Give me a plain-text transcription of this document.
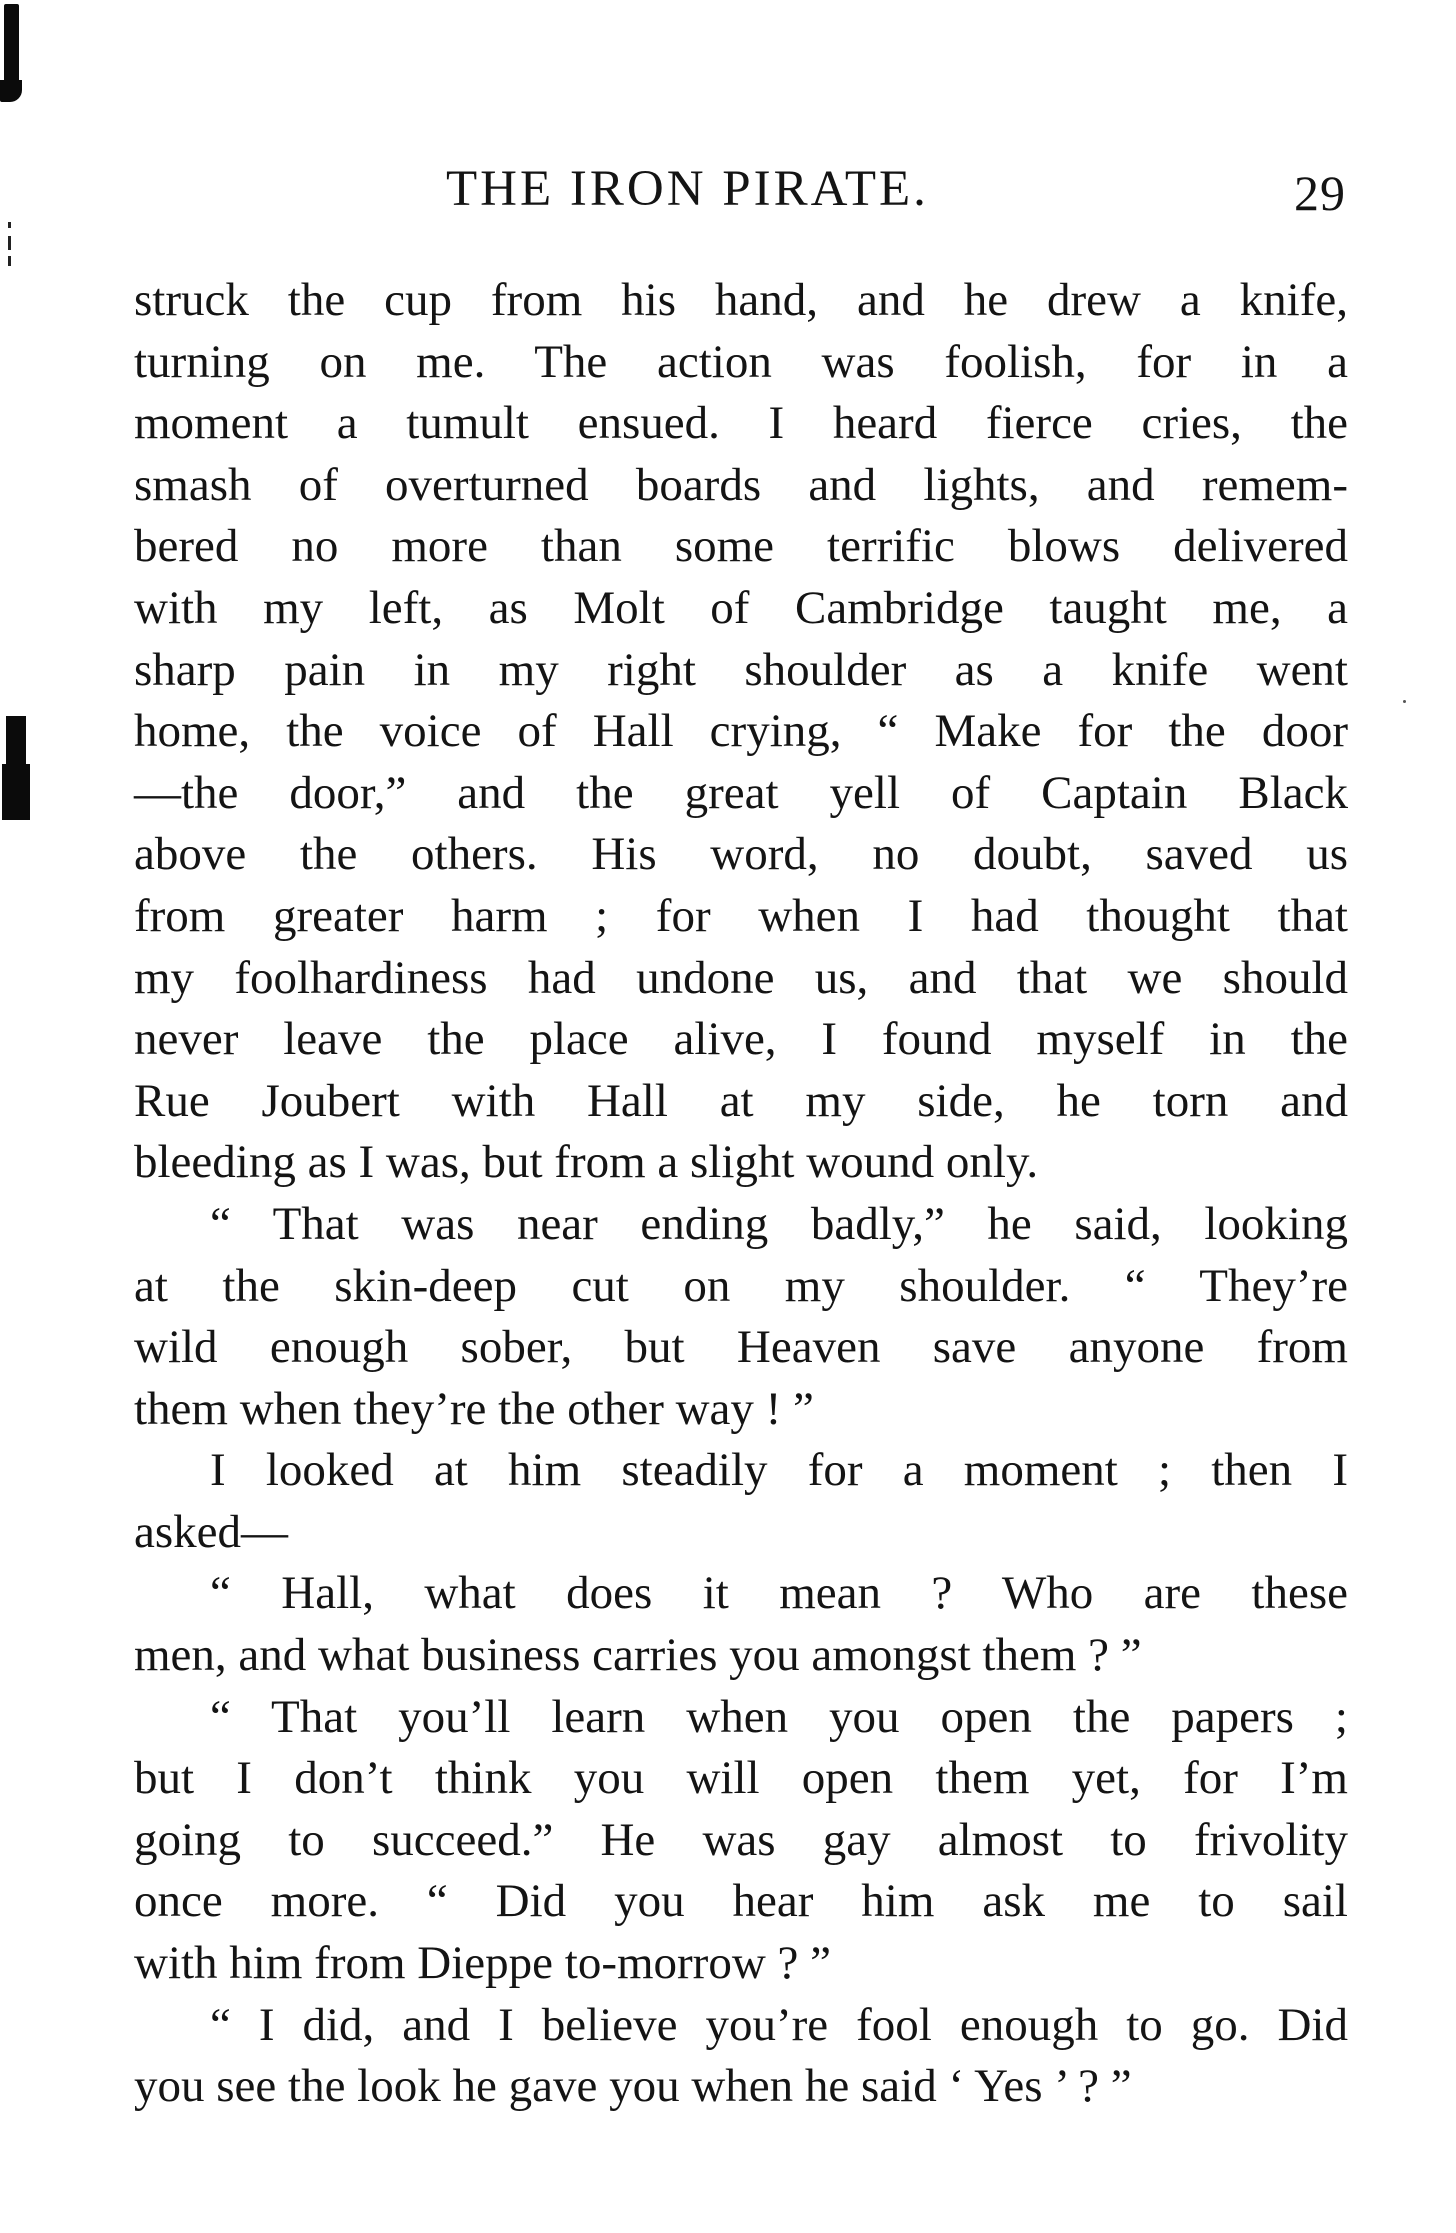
THE IRON PIRATE.	29
struck the cup from his hand, and he drew a knife,
turning on me. The action was foolish, for in a
moment a tumult ensued. I heard fierce cries, the
smash of overturned boards and lights, and remem-
bered no more than some terrific blows delivered
with my left, as Molt of Cambridge taught me, a
sharp pain in my right shoulder as a knife went
home, the voice of Hall crying, “ Make for the door
—the door,” and the great yell of Captain Black
above the others. His word, no doubt, saved us
from greater harm ; for when I had thought that
my foolhardiness had undone us, and that we should
never leave the place alive, I found myself in the
Rue Joubert with Hall at my side, he torn and
bleeding as I was, but from a slight wound only.
“ That was near ending badly,” he said, looking
at the skin-deep cut on my shoulder. “ They’re
wild enough sober, but Heaven save anyone from
them when they’re the other way ! ”
I looked at him steadily for a moment ; then I
asked—
“ Hall, what does it mean ? Who are these
men, and what business carries you amongst them ? ”
“ That you’ll learn when you open the papers ;
but I don’t think you will open them yet, for I’m
going to succeed.” He was gay almost to frivolity
once more. “ Did you hear him ask me to sail
with him from Dieppe to-morrow ? ”
“ I did, and I believe you’re fool enough to go. Did
you see the look he gave you when he said ‘ Yes ’ ? ”
